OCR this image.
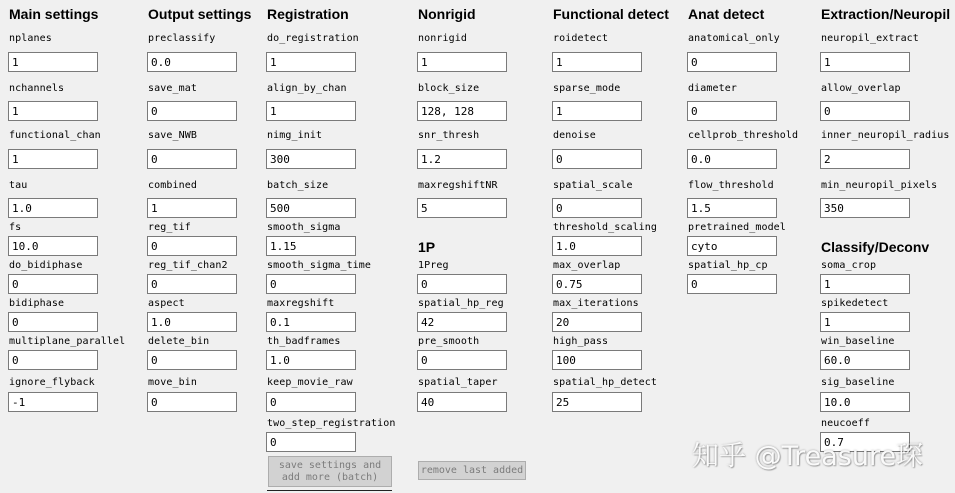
Main settings
nplanes
1
nchannels
1
functional_chan
1
tau
1.0
fs
10.0
do_bidiphase
0
bidiphase
0
multiplane_parallel
0
ignore_flyback
-1
Output settings
preclassify
0.0
save_mat
0
save_NWB
0
combined
1
reg_tif
0
reg_tif_chan2
0
aspect
1.0
delete_bin
0
move_bin
0
Registration
do_registration
1
align_by_chan
1
nimg_init
300
batch_size
500
smooth_sigma
1.15
smooth_sigma_time
0
maxregshift
0.1
th_badframes
1.0
keep_movie_raw
0
two_step_registration
0
save settings and
add more (batch)
Nonrigid
nonrigid
1
block_size
128, 128
snr_thresh
1.2
maxregshiftNR
5
1P
1Preg
0
spatial_hp_reg
42
pre_smooth
0
spatial_taper
40
remove last added
Functional detect
roidetect
1
sparse_mode
1
denoise
0
spatial_scale
0
threshold_scaling
1.0
max_overlap
0.75
max_iterations
20
high_pass
100
spatial_hp_detect
25
Anat detect
anatomical_only
0
diameter
0
cellprob_threshold
0.0
flow_threshold
1.5
pretrained_model
cyto
spatial_hp_cp
0
Extraction/Neuropil
neuropil_extract
1
allow_overlap
0
inner_neuropil_radius
2
min_neuropil_pixels
350
Classify/Deconv
soma_crop
1
spikedetect
1
win_baseline
60.0
sig_baseline
10.0
neucoeff
0.7
知乎 @Treasure琛
